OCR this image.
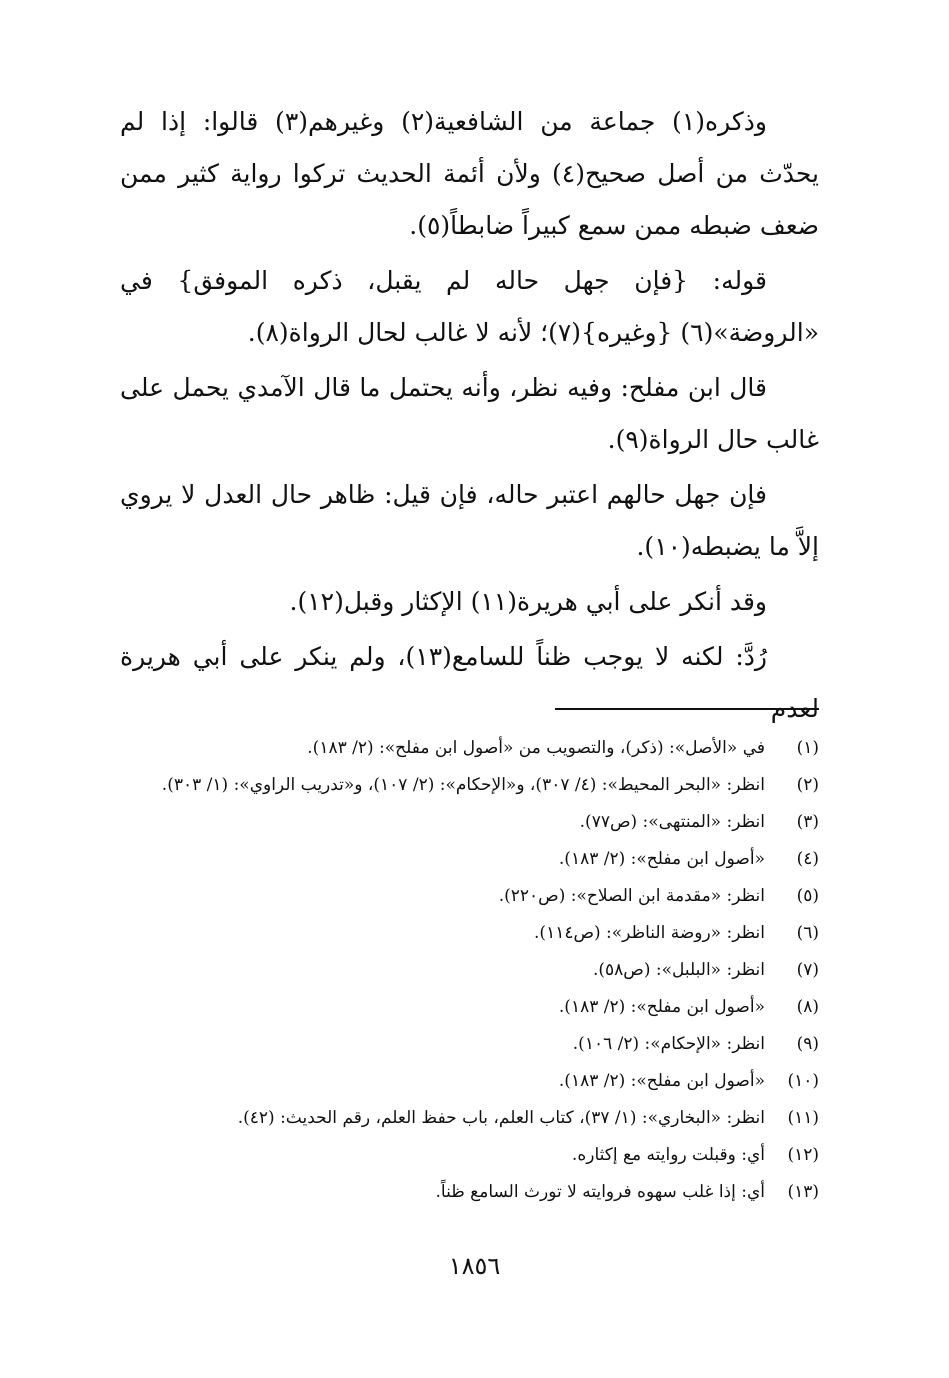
وذكره(١) جماعة من الشافعية(٢) وغيرهم(٣) قالوا: إذا لم يحدّث من أصل صحيح(٤) ولأن أئمة الحديث تركوا رواية كثير ممن ضعف ضبطه ممن سمع كبيراً ضابطاً(٥).

قوله: {فإن جهل حاله لم يقبل، ذكره الموفق} في «الروضة»(٦) {وغيره}(٧)؛ لأنه لا غالب لحال الرواة(٨).

قال ابن مفلح: وفيه نظر، وأنه يحتمل ما قال الآمدي يحمل على غالب حال الرواة(٩).

فإن جهل حالهم اعتبر حاله، فإن قيل: ظاهر حال العدل لا يروي إلاَّ ما يضبطه(١٠).

وقد أنكر على أبي هريرة(١١) الإكثار وقبل(١٢).

رُدَّ: لكنه لا يوجب ظناً للسامع(١٣)، ولم ينكر على أبي هريرة لعدم

(١)
في «الأصل»: (ذكر)، والتصويب من «أصول ابن مفلح»: (٢/ ١٨٣).
(٢)
انظر: «البحر المحيط»: (٤/ ٣٠٧)، و«الإحكام»: (٢/ ١٠٧)، و«تدريب الراوي»: (١/ ٣٠٣).
(٣)
انظر: «المنتهى»: (ص٧٧).
(٤)
«أصول ابن مفلح»: (٢/ ١٨٣).
(٥)
انظر: «مقدمة ابن الصلاح»: (ص٢٢٠).
(٦)
انظر: «روضة الناظر»: (ص١١٤).
(٧)
انظر: «البلبل»: (ص٥٨).
(٨)
«أصول ابن مفلح»: (٢/ ١٨٣).
(٩)
انظر: «الإحكام»: (٢/ ١٠٦).
(١٠)
«أصول ابن مفلح»: (٢/ ١٨٣).
(١١)
انظر: «البخاري»: (١/ ٣٧)، كتاب العلم، باب حفظ العلم، رقم الحديث: (٤٢).
(١٢)
أي: وقبلت روايته مع إكثاره.
(١٣)
أي: إذا غلب سهوه فروايته لا تورث السامع ظناً.
١٨٥٦
